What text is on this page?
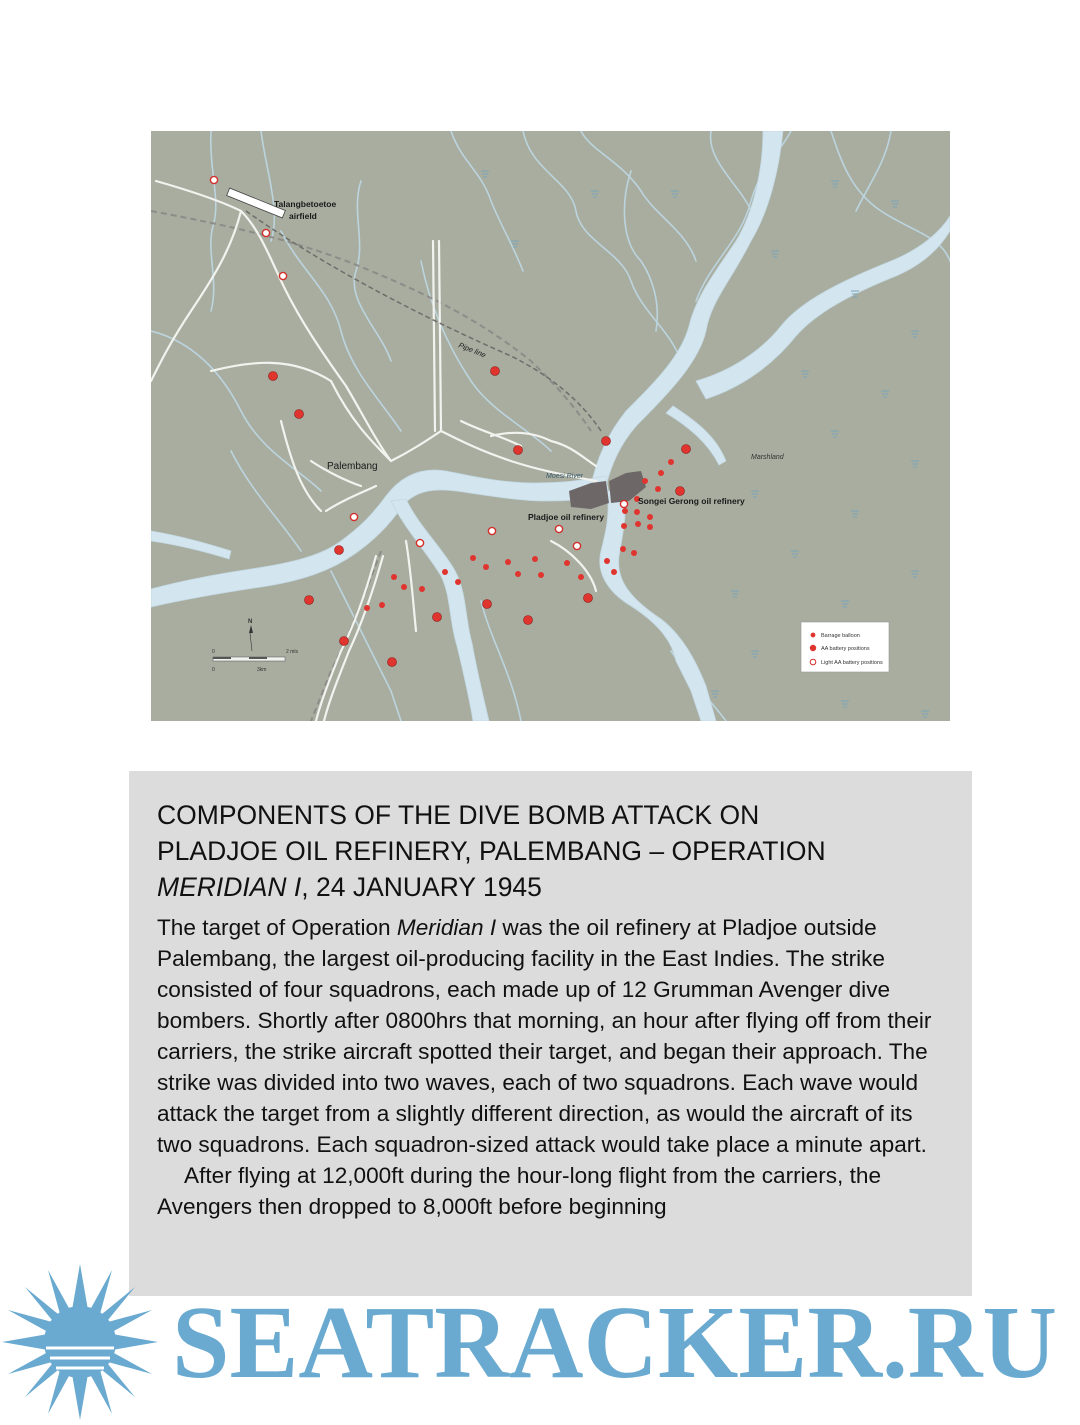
Talangbetoetoe
airfield
Pipe line
Palembang
Moesi River
Marshland
Pladjoe oil refinery
Songei Gerong oil refinery
N
0	2 mls
0	3km
Barrage balloon
AA battery positions
Light AA battery positions
COMPONENTS OF THE DIVE BOMB ATTACK ON
PLADJOE OIL REFINERY, PALEMBANG – OPERATION
MERIDIAN I, 24 JANUARY 1945

The target of Operation Meridian I was the oil refinery at Pladjoe outside Palembang, the largest oil-producing facility in the East Indies. The strike consisted of four squadrons, each made up of 12 Grumman Avenger dive bombers. Shortly after 0800hrs that morning, an hour after flying off from their carriers, the strike aircraft spotted their target, and began their approach. The strike was divided into two waves, each of two squadrons. Each wave would attack the target from a slightly different direction, as would the aircraft of its two squadrons. Each squadron-sized attack would take place a minute apart.

After flying at 12,000ft during the hour-long flight from the carriers, the Avengers then dropped to 8,000ft before beginning

SEATRACKER.RU
